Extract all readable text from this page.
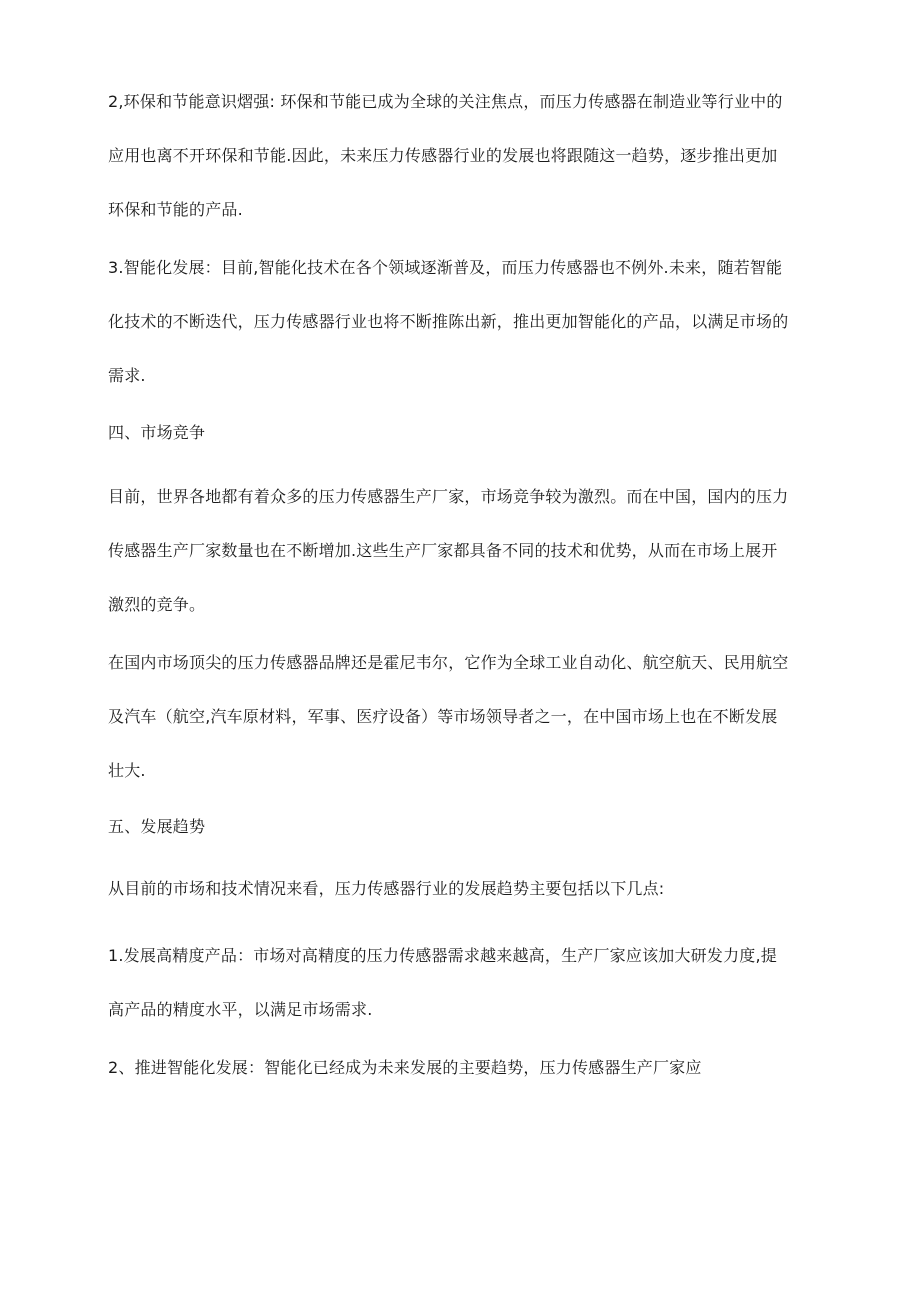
2,环保和节能意识熠强: 环保和节能已成为全球的关注焦点，而压力传感器在制造业等行业中的
应用也离不开环保和节能.因此，未来压力传感器行业的发展也将跟随这一趋势，逐步推出更加
环保和节能的产品.

3.智能化发展：目前,智能化技术在各个领域逐渐普及，而压力传感器也不例外.未来，随若智能
化技术的不断迭代，压力传感器行业也将不断推陈出新，推出更加智能化的产品，以满足市场的
需求.

四、市场竞争

目前，世界各地都有着众多的压力传感器生产厂家，市场竞争较为激烈。而在中国，国内的压力
传感器生产厂家数量也在不断增加.这些生产厂家都具备不同的技术和优势，从而在市场上展开
激烈的竞争。

在国内市场顶尖的压力传感器品牌还是霍尼韦尔，它作为全球工业自动化、航空航天、民用航空
及汽车（航空,汽车原材料，军事、医疗设备）等市场领导者之一，在中国市场上也在不断发展
壮大.

五、发展趋势

从目前的市场和技术情况来看，压力传感器行业的发展趋势主要包括以下几点:

1.发展高精度产品：市场对高精度的压力传感器需求越来越高，生产厂家应该加大研发力度,提
高产品的精度水平，以满足市场需求.

2、推进智能化发展：智能化已经成为未来发展的主要趋势，压力传感器生产厂家应
